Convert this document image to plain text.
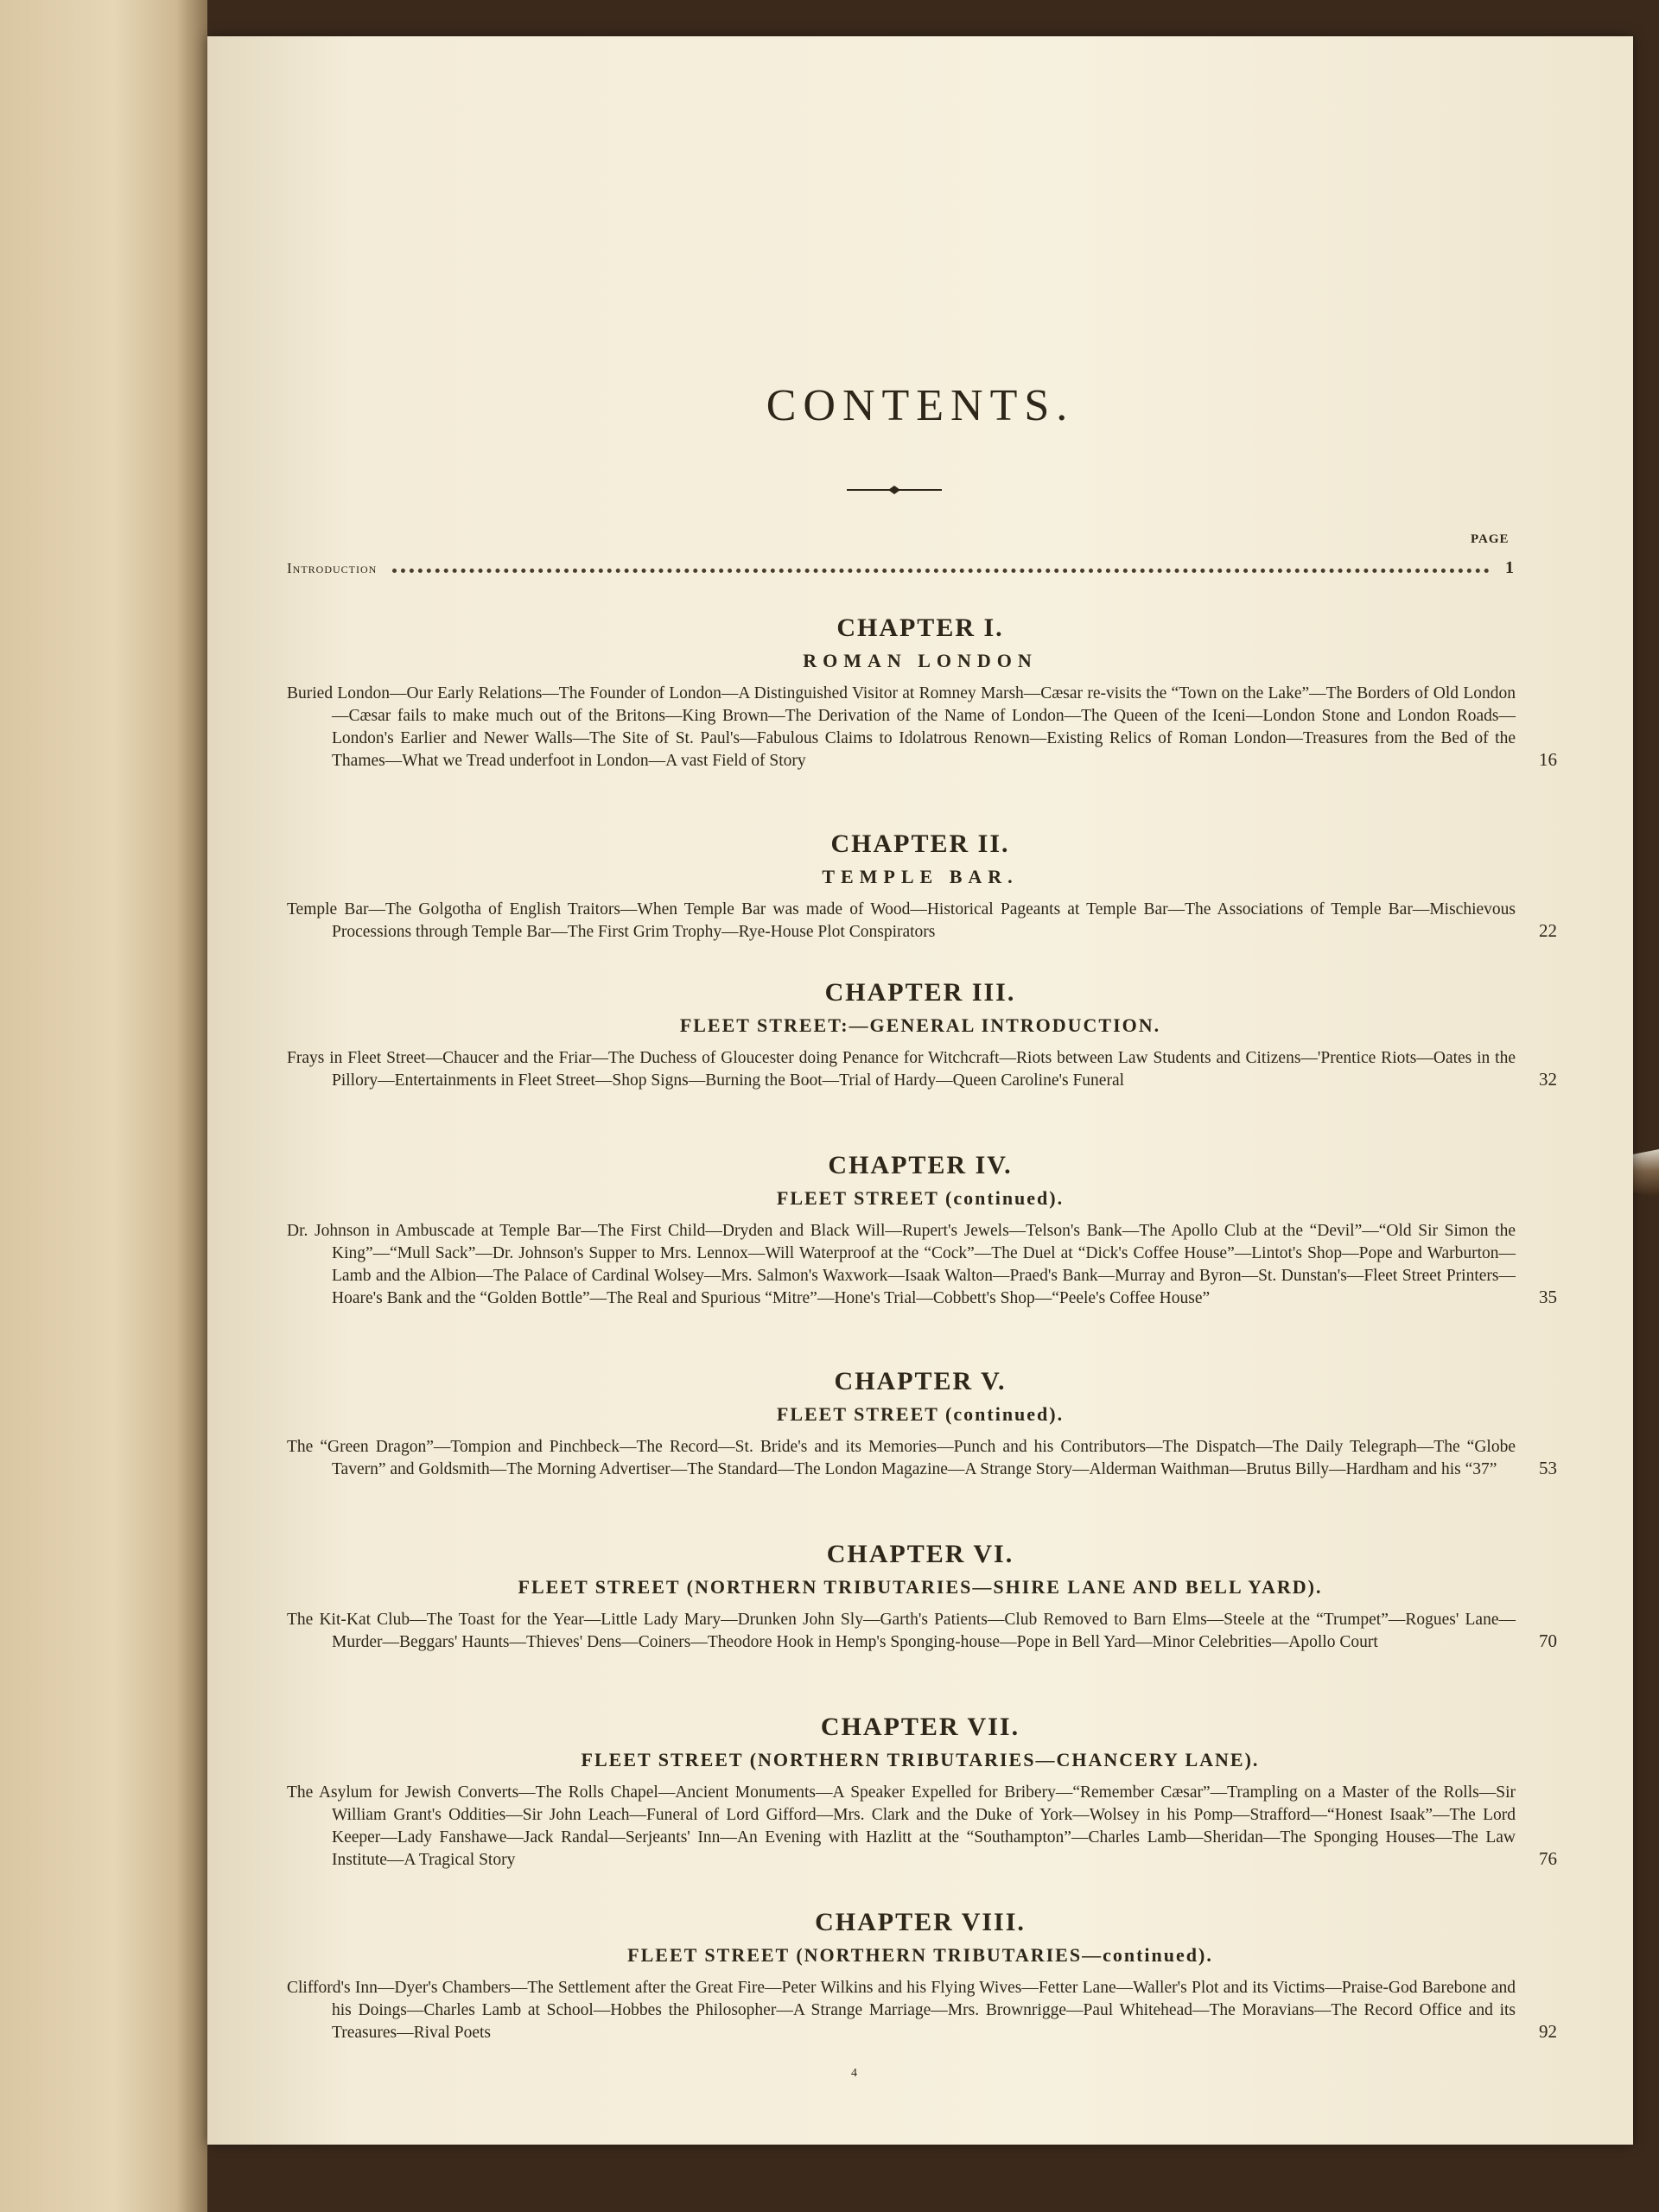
CONTENTS.
PAGE
Introduction	1
CHAPTER I.
ROMAN LONDON
Buried London—Our Early Relations—The Founder of London—A Distinguished Visitor at Romney Marsh—Cæsar re-visits the “Town on the Lake”—The Borders of Old London—Cæsar fails to make much out of the Britons—King Brown—The Derivation of the Name of London—The Queen of the Iceni—London Stone and London Roads—London's Earlier and Newer Walls—The Site of St. Paul's—Fabulous Claims to Idolatrous Renown—Existing Relics of Roman London—Treasures from the Bed of the Thames—What we Tread underfoot in London—A vast Field of Story	16
CHAPTER II.
TEMPLE BAR.
Temple Bar—The Golgotha of English Traitors—When Temple Bar was made of Wood—Historical Pageants at Temple Bar—The Associations of Temple Bar—Mischievous Processions through Temple Bar—The First Grim Trophy—Rye-House Plot Conspirators	22
CHAPTER III.
FLEET STREET:—GENERAL INTRODUCTION.
Frays in Fleet Street—Chaucer and the Friar—The Duchess of Gloucester doing Penance for Witchcraft—Riots between Law Students and Citizens—'Prentice Riots—Oates in the Pillory—Entertainments in Fleet Street—Shop Signs—Burning the Boot—Trial of Hardy—Queen Caroline's Funeral	32
CHAPTER IV.
FLEET STREET (continued).
Dr. Johnson in Ambuscade at Temple Bar—The First Child—Dryden and Black Will—Rupert's Jewels—Telson's Bank—The Apollo Club at the “Devil”—“Old Sir Simon the King”—“Mull Sack”—Dr. Johnson's Supper to Mrs. Lennox—Will Waterproof at the “Cock”—The Duel at “Dick's Coffee House”—Lintot's Shop—Pope and Warburton—Lamb and the Albion—The Palace of Cardinal Wolsey—Mrs. Salmon's Waxwork—Isaak Walton—Praed's Bank—Murray and Byron—St. Dunstan's—Fleet Street Printers—Hoare's Bank and the “Golden Bottle”—The Real and Spurious “Mitre”—Hone's Trial—Cobbett's Shop—“Peele's Coffee House”	35
CHAPTER V.
FLEET STREET (continued).
The “Green Dragon”—Tompion and Pinchbeck—The Record—St. Bride's and its Memories—Punch and his Contributors—The Dispatch—The Daily Telegraph—The “Globe Tavern” and Goldsmith—The Morning Advertiser—The Standard—The London Magazine—A Strange Story—Alderman Waithman—Brutus Billy—Hardham and his “37” 53
CHAPTER VI.
FLEET STREET (NORTHERN TRIBUTARIES—SHIRE LANE AND BELL YARD).
The Kit-Kat Club—The Toast for the Year—Little Lady Mary—Drunken John Sly—Garth's Patients—Club Removed to Barn Elms—Steele at the “Trumpet”—Rogues' Lane—Murder—Beggars' Haunts—Thieves' Dens—Coiners—Theodore Hook in Hemp's Sponging-house—Pope in Bell Yard—Minor Celebrities—Apollo Court	70
CHAPTER VII.
FLEET STREET (NORTHERN TRIBUTARIES—CHANCERY LANE).
The Asylum for Jewish Converts—The Rolls Chapel—Ancient Monuments—A Speaker Expelled for Bribery—“Remember Cæsar”—Trampling on a Master of the Rolls—Sir William Grant's Oddities—Sir John Leach—Funeral of Lord Gifford—Mrs. Clark and the Duke of York—Wolsey in his Pomp—Strafford—“Honest Isaak”—The Lord Keeper—Lady Fanshawe—Jack Randal—Serjeants' Inn—An Evening with Hazlitt at the “Southampton”—Charles Lamb—Sheridan—The Sponging Houses—The Law Institute—A Tragical Story	76
CHAPTER VIII.
FLEET STREET (NORTHERN TRIBUTARIES—continued).
Clifford's Inn—Dyer's Chambers—The Settlement after the Great Fire—Peter Wilkins and his Flying Wives—Fetter Lane—Waller's Plot and its Victims—Praise-God Barebone and his Doings—Charles Lamb at School—Hobbes the Philosopher—A Strange Marriage—Mrs. Brownrigge—Paul Whitehead—The Moravians—The Record Office and its Treasures—Rival Poets	92
4
